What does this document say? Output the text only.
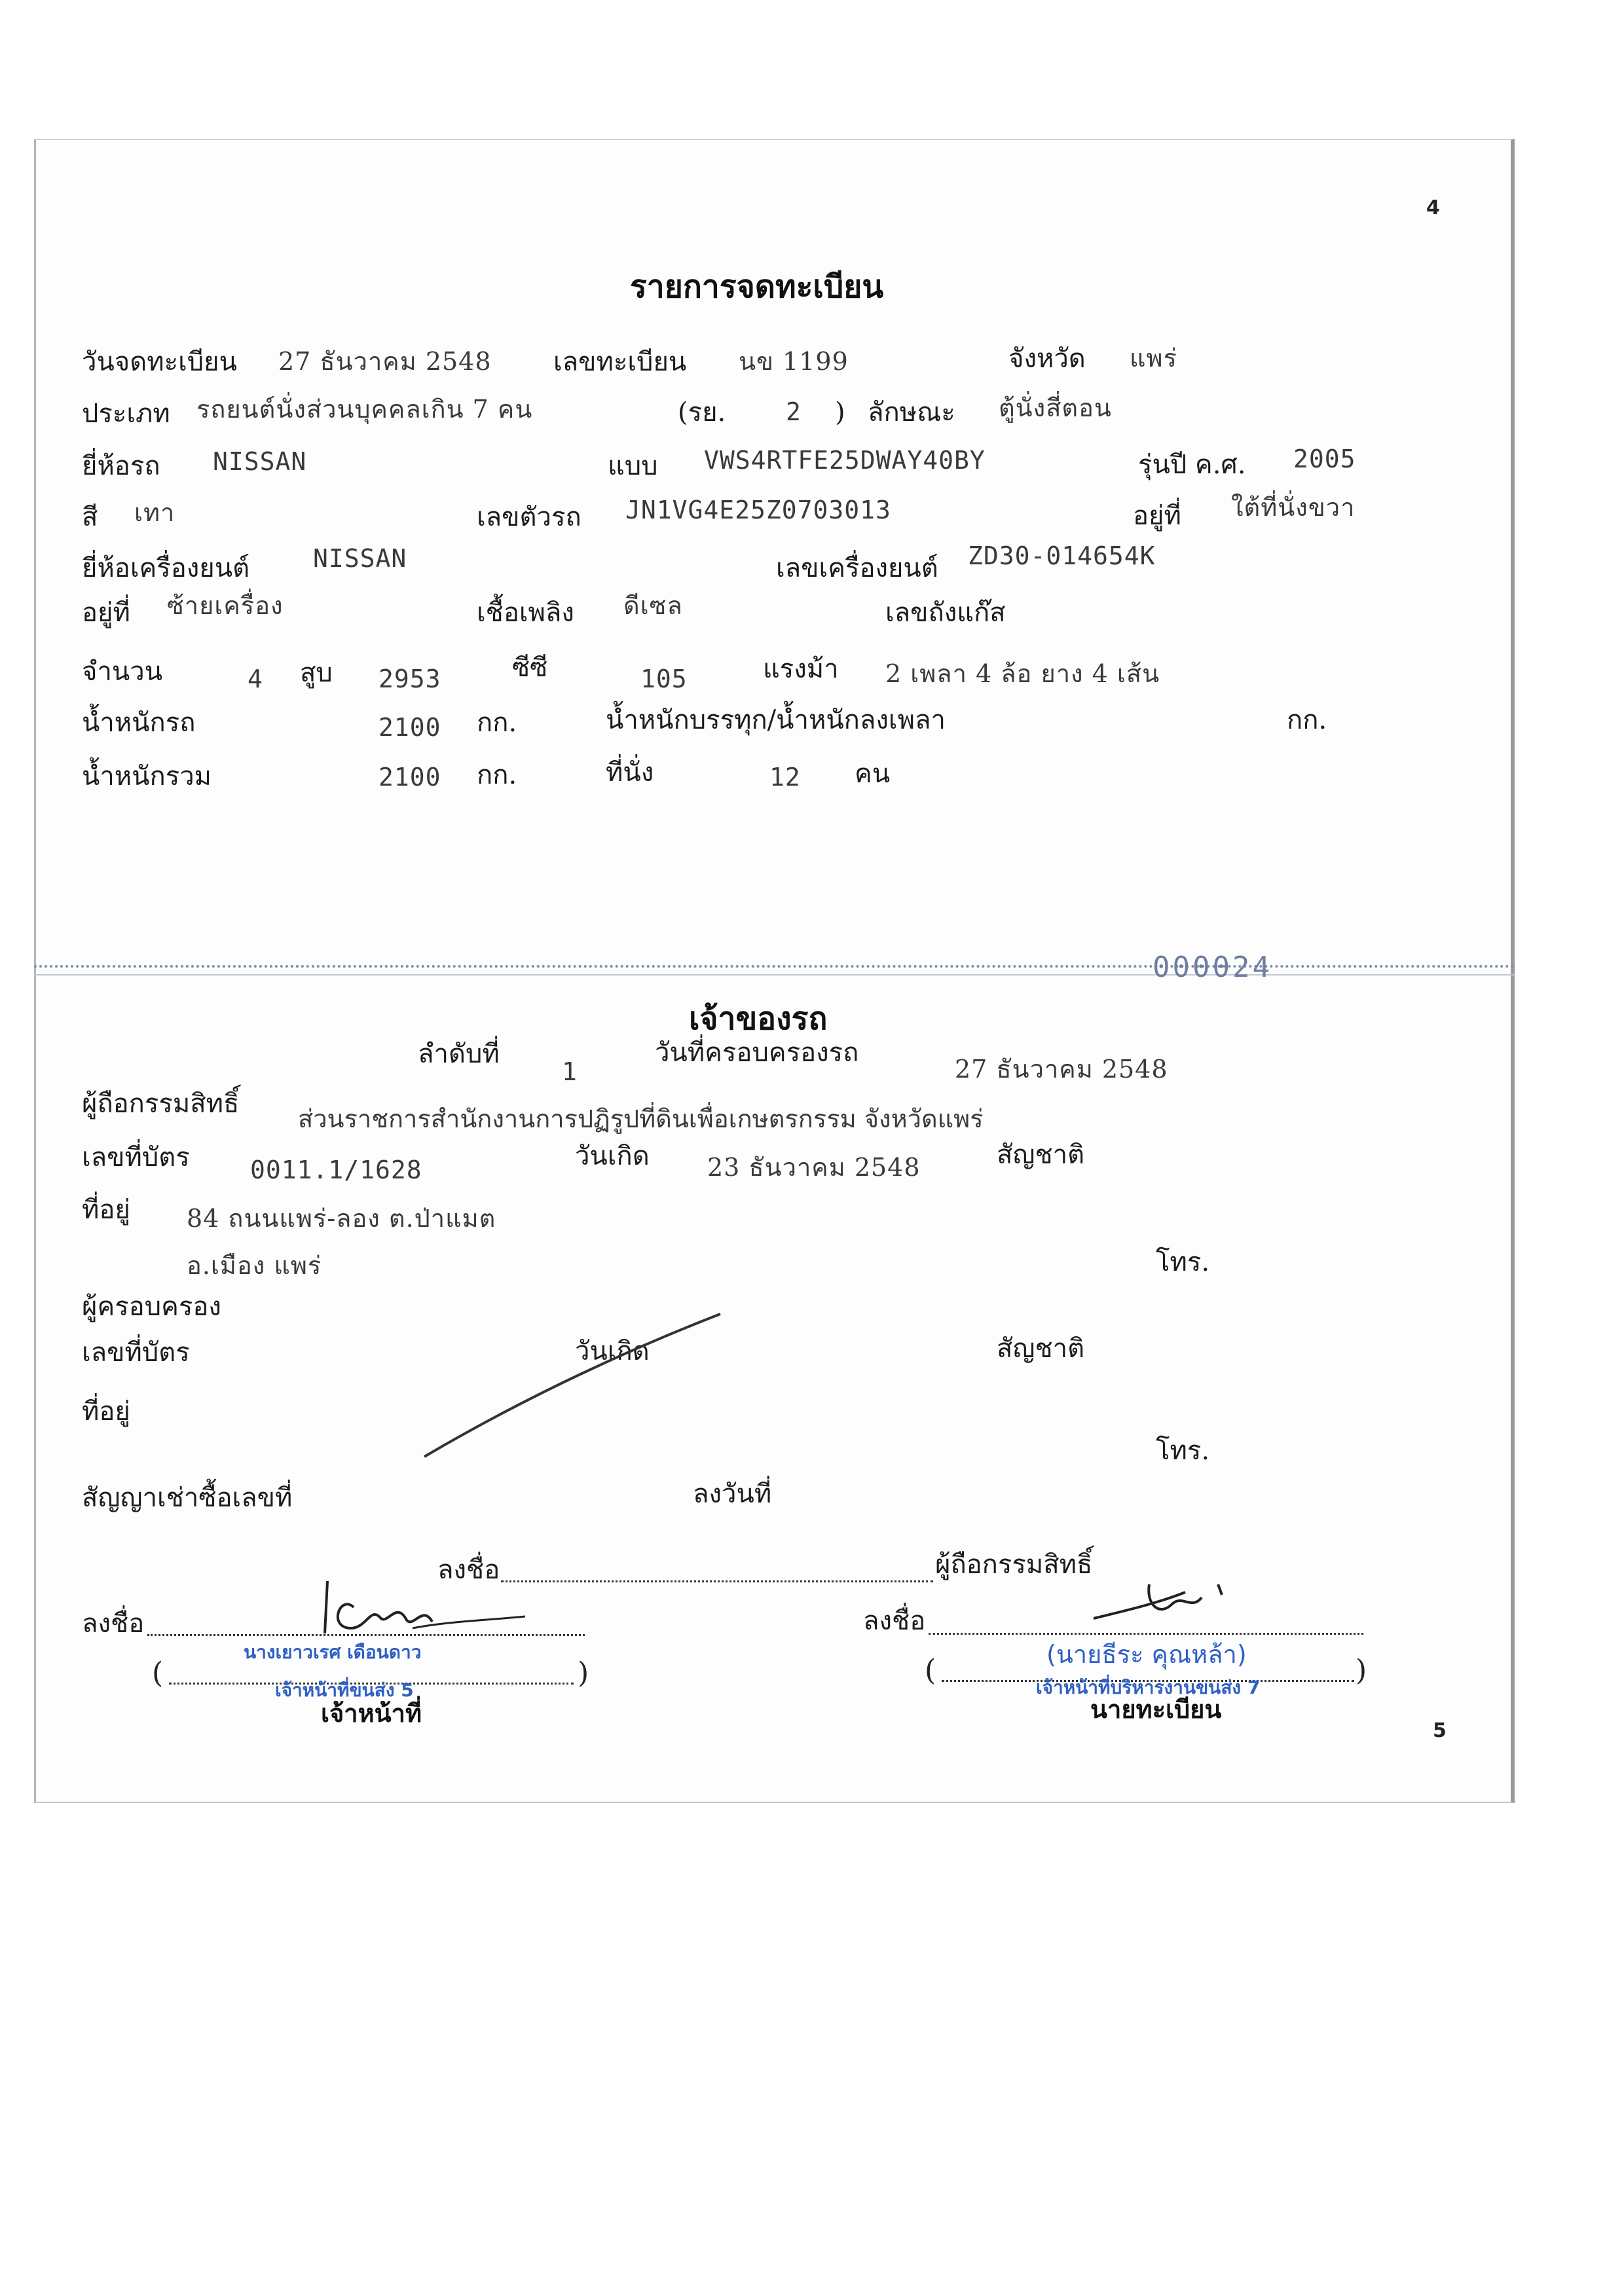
4
รายการจดทะเบียน
วันจดทะเบียน 27 ธันวาคม 2548 เลขทะเบียน นข 1199	จังหวัด แพร่
ประเภท รถยนต์นั่งส่วนบุคคลเกิน 7 คน	(รย. 2 ) ลักษณะ ตู้นั่งสี่ตอน
ยี่ห้อรถ NISSAN	แบบ VWS4RTFE25DWAY40BY	รุ่นปี ค.ศ. 2005
สี เทา	เลขตัวรถ JN1VG4E25Z0703013	อยู่ที่ ใต้ที่นั่งขวา
ยี่ห้อเครื่องยนต์	NISSAN	เลขเครื่องยนต์ ZD30-014654K
อยู่ที่ ซ้ายเครื่อง	เชื้อเพลิง ดีเซล	เลขถังแก๊ส
จำนวน	4 สูบ 2953	ซีซี	105	แรงม้า 2 เพลา 4 ล้อ ยาง 4 เส้น
น้ำหนักรถ	2100 กก.	น้ำหนักบรรทุก/น้ำหนักลงเพลา	กก.
น้ำหนักรวม	2100 กก.	ที่นั่ง	12 คน
000024
เจ้าของรถ
ลำดับที่
1
วันที่ครอบครองรถ
27 ธันวาคม 2548
ผู้ถือกรรมสิทธิ์ ส่วนราชการสำนักงานการปฏิรูปที่ดินเพื่อเกษตรกรรม จังหวัดแพร่
เลขที่บัตร 0011.1/1628	วันเกิด 23 ธันวาคม 2548	สัญชาติ
ที่อยู่ 84 ถนนแพร่-ลอง ต.ป่าแมต
อ.เมือง แพร่	โทร.
ผู้ครอบครอง
เลขที่บัตร	วันเกิด	สัญชาติ
ที่อยู่
โทร.
สัญญาเช่าซื้อเลขที่	ลงวันที่
ลงชื่อ	ผู้ถือกรรมสิทธิ์
ลงชื่อ	ลงชื่อ
นางเยาวเรศ เดือนดาว	(นายธีระ คุณหล้า)
(	)	(	)
เจ้าหน้าที่ขนส่ง 5	เจ้าหน้าที่บริหารงานขนส่ง 7
เจ้าหน้าที่	นายทะเบียน
5
